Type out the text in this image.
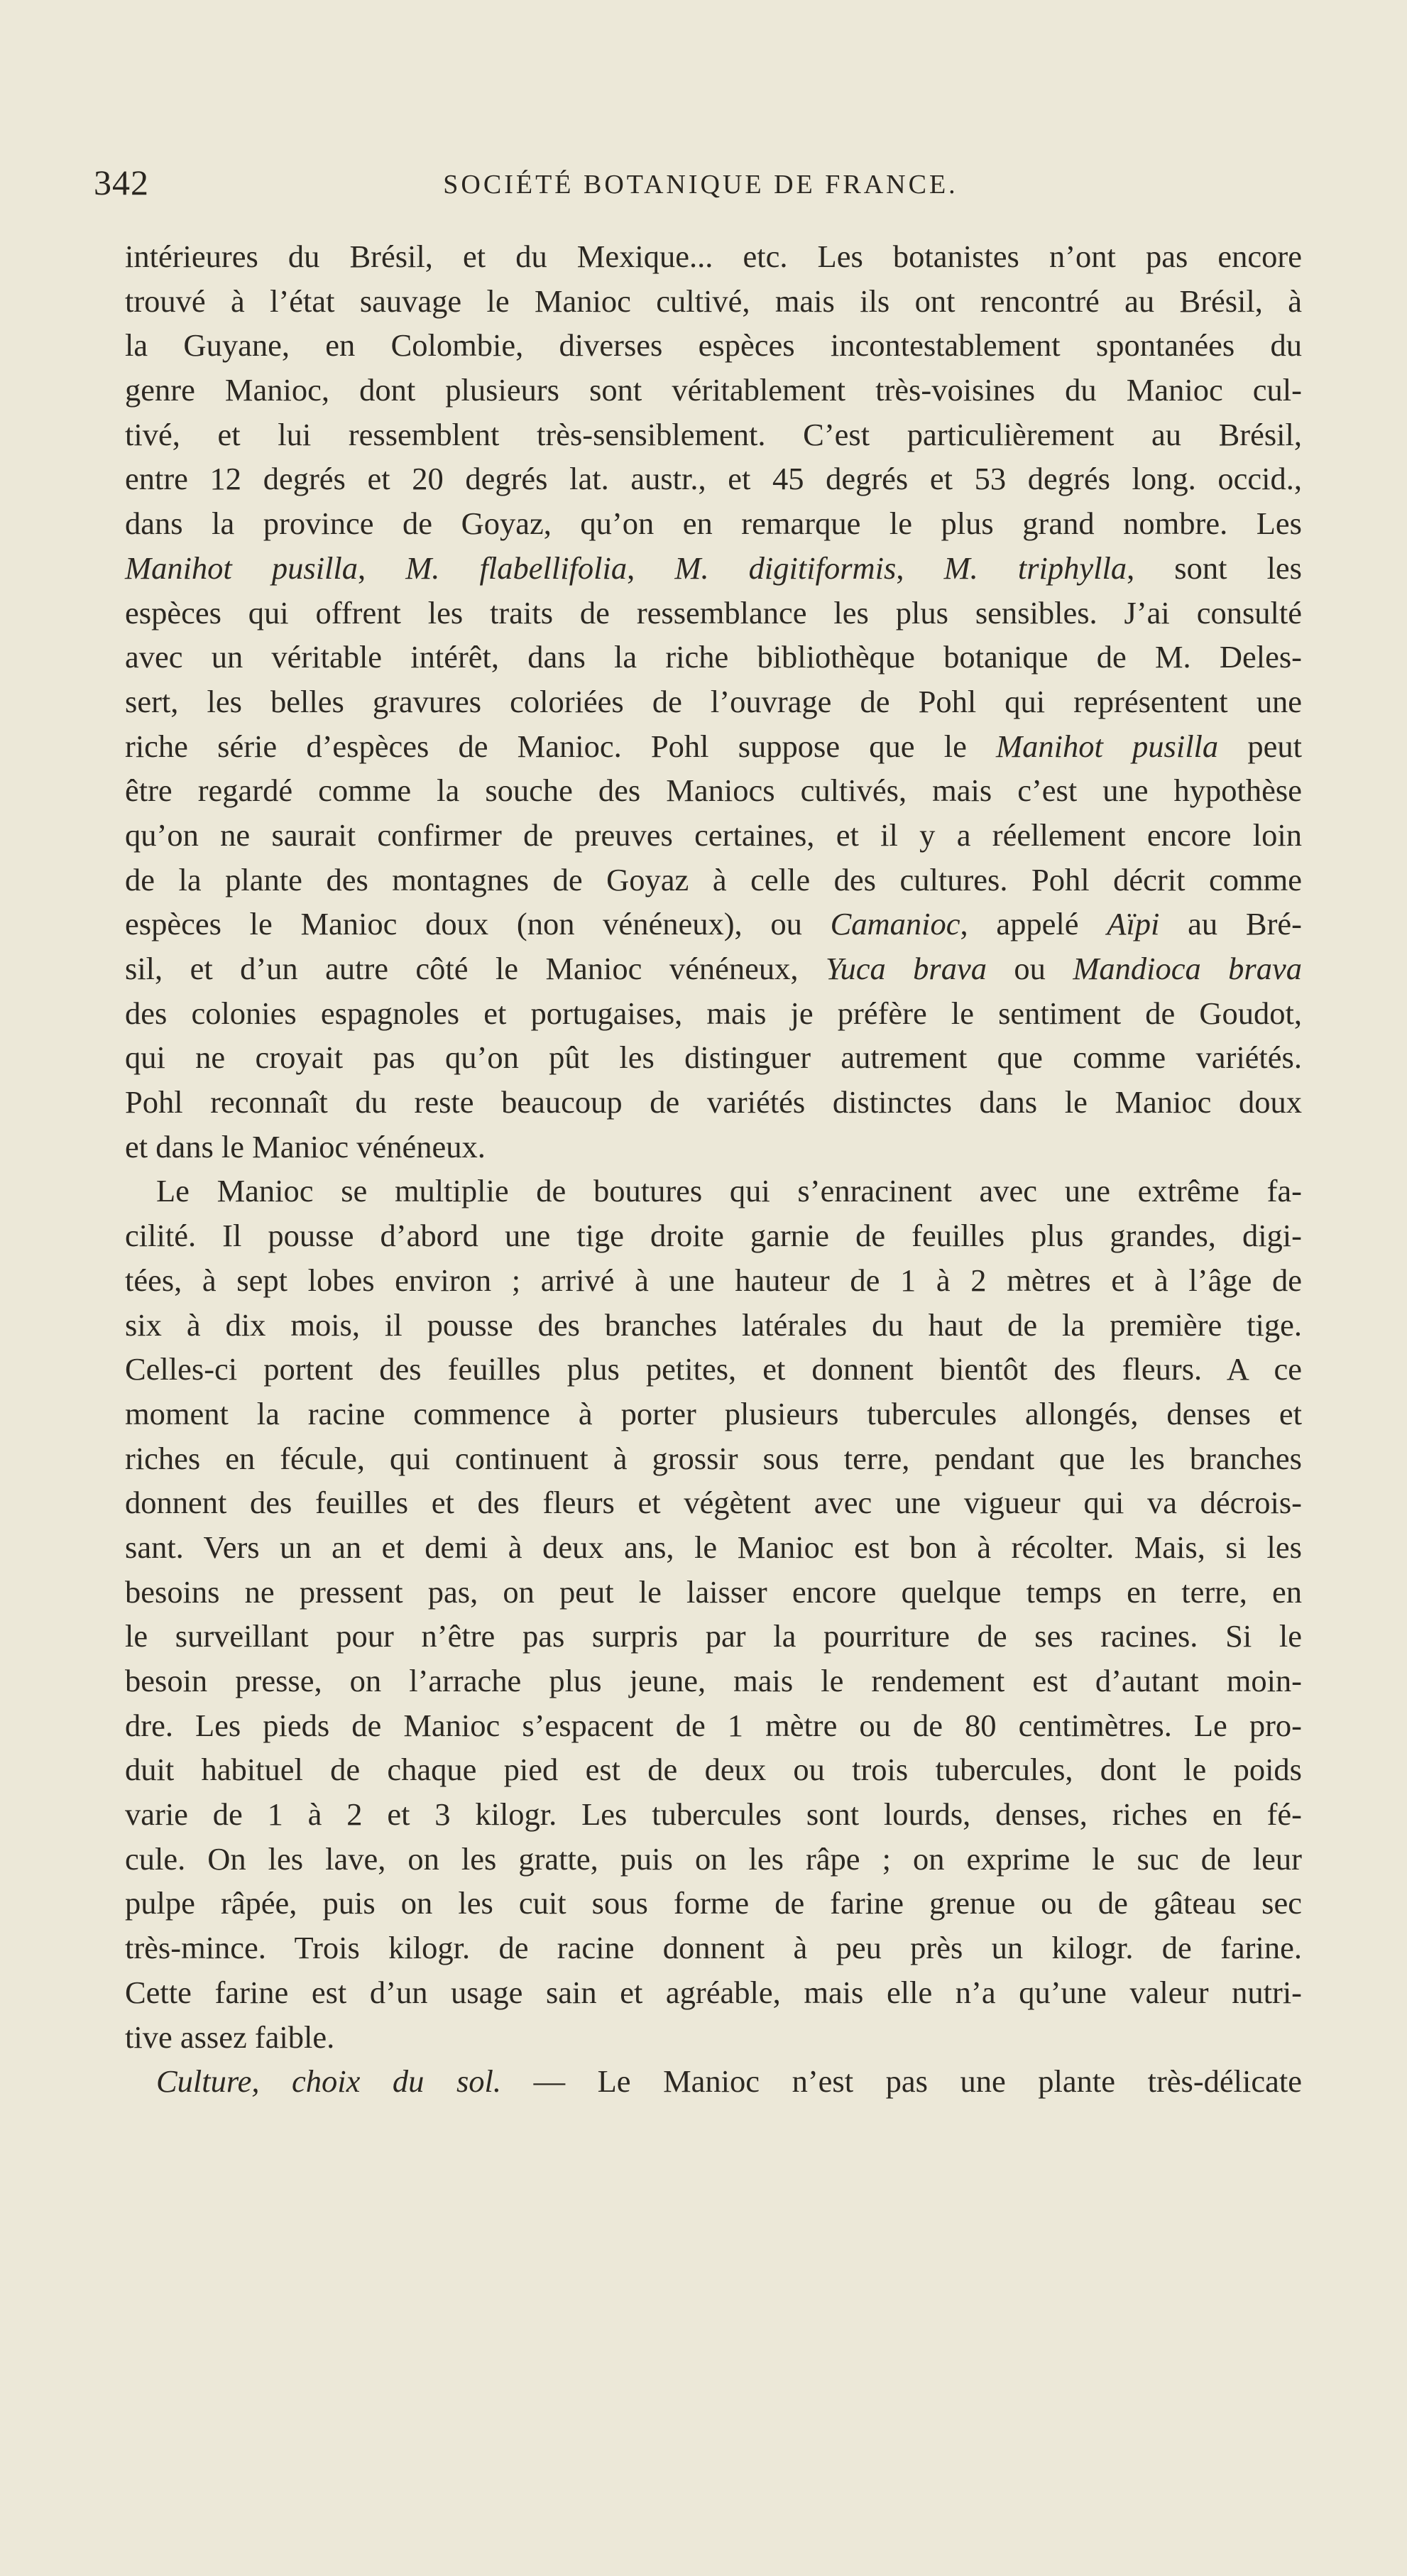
342	SOCIÉTÉ BOTANIQUE DE FRANCE.
intérieures du Brésil, et du Mexique... etc. Les botanistes n’ont pas encore
trouvé à l’état sauvage le Manioc cultivé, mais ils ont rencontré au Brésil, à
la Guyane, en Colombie, diverses espèces incontestablement spontanées du
genre Manioc, dont plusieurs sont véritablement très-voisines du Manioc cul-
tivé, et lui ressemblent très-sensiblement. C’est particulièrement au Brésil,
entre 12 degrés et 20 degrés lat. austr., et 45 degrés et 53 degrés long. occid.,
dans la province de Goyaz, qu’on en remarque le plus grand nombre. Les
Manihot pusilla, M. flabellifolia, M. digitiformis, M. triphylla, sont les
espèces qui offrent les traits de ressemblance les plus sensibles. J’ai consulté
avec un véritable intérêt, dans la riche bibliothèque botanique de M. Deles-
sert, les belles gravures coloriées de l’ouvrage de Pohl qui représentent une
riche série d’espèces de Manioc. Pohl suppose que le Manihot pusilla peut
être regardé comme la souche des Maniocs cultivés, mais c’est une hypothèse
qu’on ne saurait confirmer de preuves certaines, et il y a réellement encore loin
de la plante des montagnes de Goyaz à celle des cultures. Pohl décrit comme
espèces le Manioc doux (non vénéneux), ou Camanioc, appelé Aïpi au Bré-
sil, et d’un autre côté le Manioc vénéneux, Yuca brava ou Mandioca brava
des colonies espagnoles et portugaises, mais je préfère le sentiment de Goudot,
qui ne croyait pas qu’on pût les distinguer autrement que comme variétés.
Pohl reconnaît du reste beaucoup de variétés distinctes dans le Manioc doux
et dans le Manioc vénéneux.
Le Manioc se multiplie de boutures qui s’enracinent avec une extrême fa-
cilité. Il pousse d’abord une tige droite garnie de feuilles plus grandes, digi-
tées, à sept lobes environ ; arrivé à une hauteur de 1 à 2 mètres et à l’âge de
six à dix mois, il pousse des branches latérales du haut de la première tige.
Celles-ci portent des feuilles plus petites, et donnent bientôt des fleurs. A ce
moment la racine commence à porter plusieurs tubercules allongés, denses et
riches en fécule, qui continuent à grossir sous terre, pendant que les branches
donnent des feuilles et des fleurs et végètent avec une vigueur qui va décrois-
sant. Vers un an et demi à deux ans, le Manioc est bon à récolter. Mais, si les
besoins ne pressent pas, on peut le laisser encore quelque temps en terre, en
le surveillant pour n’être pas surpris par la pourriture de ses racines. Si le
besoin presse, on l’arrache plus jeune, mais le rendement est d’autant moin-
dre. Les pieds de Manioc s’espacent de 1 mètre ou de 80 centimètres. Le pro-
duit habituel de chaque pied est de deux ou trois tubercules, dont le poids
varie de 1 à 2 et 3 kilogr. Les tubercules sont lourds, denses, riches en fé-
cule. On les lave, on les gratte, puis on les râpe ; on exprime le suc de leur
pulpe râpée, puis on les cuit sous forme de farine grenue ou de gâteau sec
très-mince. Trois kilogr. de racine donnent à peu près un kilogr. de farine.
Cette farine est d’un usage sain et agréable, mais elle n’a qu’une valeur nutri-
tive assez faible.
Culture, choix du sol. — Le Manioc n’est pas une plante très-délicate
